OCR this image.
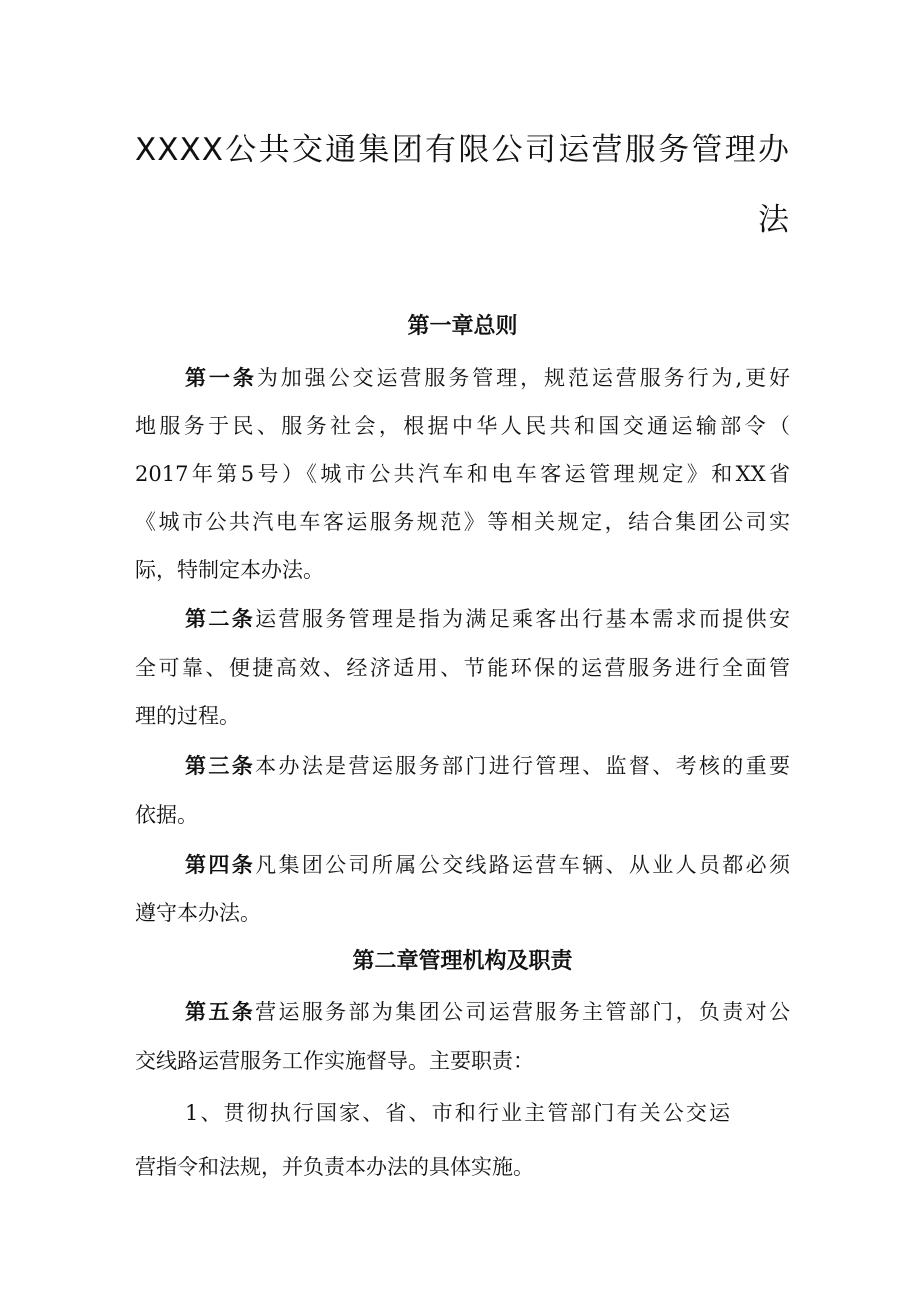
XXXX公共交通集团有限公司运营服务管理办
法
第一章总则

第一条为加强公交运营服务管理，规范运营服务行为,更好

地服务于民、服务社会，根据中华人民共和国交通运输部令（

2017年第5号）《城市公共汽车和电车客运管理规定》和XX省

《城市公共汽电车客运服务规范》等相关规定，结合集团公司实

际，特制定本办法。

第二条运营服务管理是指为满足乘客出行基本需求而提供安

全可靠、便捷高效、经济适用、节能环保的运营服务进行全面管

理的过程。

第三条本办法是营运服务部门进行管理、监督、考核的重要

依据。

第四条凡集团公司所属公交线路运营车辆、从业人员都必须

遵守本办法。

第二章管理机构及职责

第五条营运服务部为集团公司运营服务主管部门，负责对公

交线路运营服务工作实施督导。主要职责：

1、贯彻执行国家、省、市和行业主管部门有关公交运

营指令和法规，并负责本办法的具体实施。
